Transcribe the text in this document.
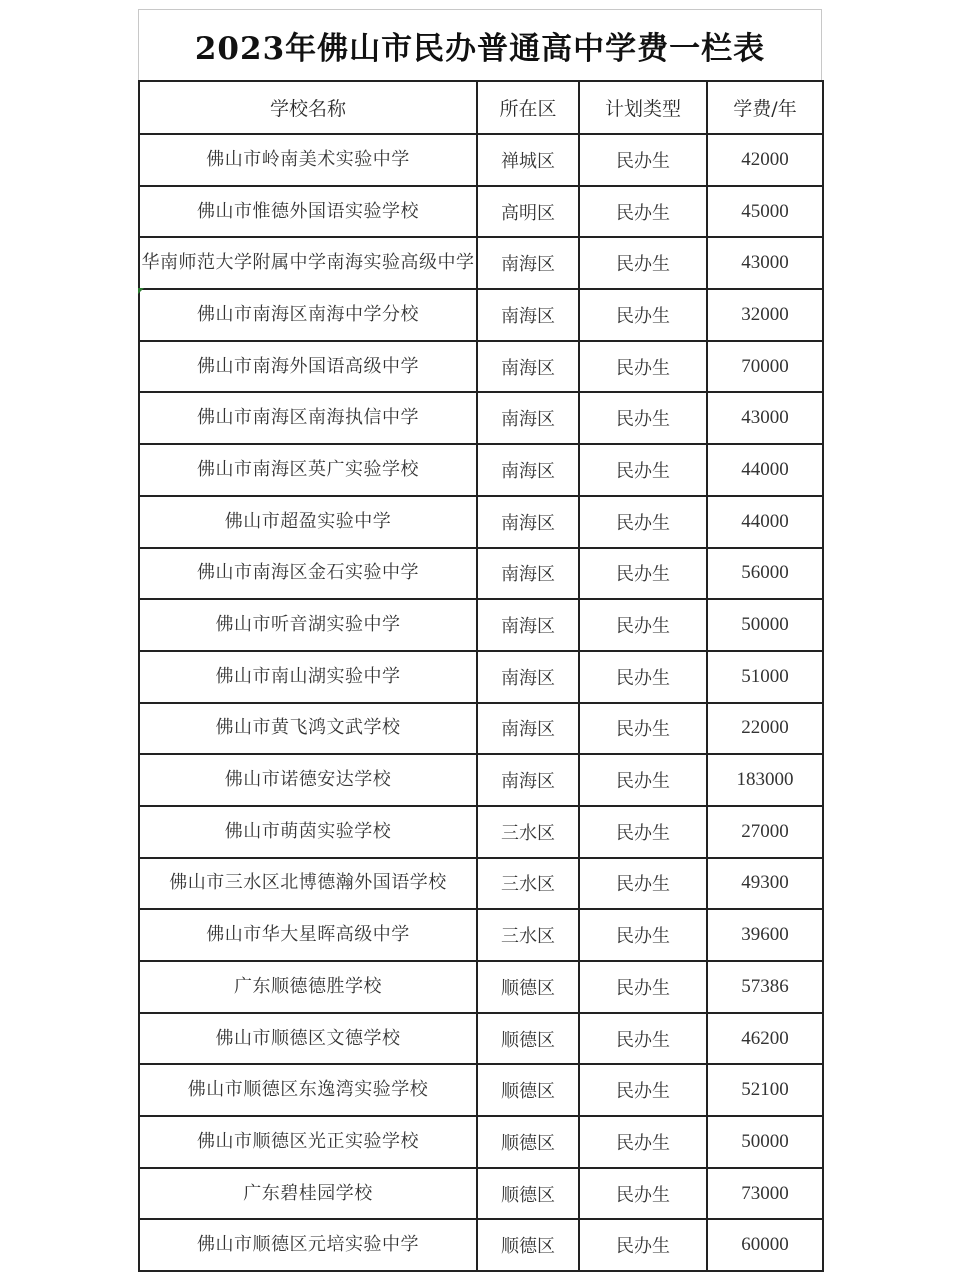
2023年佛山市民办普通高中学费一栏表
学校名称	所在区	计划类型	学费/年
佛山市岭南美术实验中学	禅城区	民办生	42000
佛山市惟德外国语实验学校	高明区	民办生	45000
华南师范大学附属中学南海实验高级中学	南海区	民办生	43000
佛山市南海区南海中学分校	南海区	民办生	32000
佛山市南海外国语高级中学	南海区	民办生	70000
佛山市南海区南海执信中学	南海区	民办生	43000
佛山市南海区英广实验学校	南海区	民办生	44000
佛山市超盈实验中学	南海区	民办生	44000
佛山市南海区金石实验中学	南海区	民办生	56000
佛山市听音湖实验中学	南海区	民办生	50000
佛山市南山湖实验中学	南海区	民办生	51000
佛山市黄飞鸿文武学校	南海区	民办生	22000
佛山市诺德安达学校	南海区	民办生	183000
佛山市萌茵实验学校	三水区	民办生	27000
佛山市三水区北博德瀚外国语学校	三水区	民办生	49300
佛山市华大星晖高级中学	三水区	民办生	39600
广东顺德德胜学校	顺德区	民办生	57386
佛山市顺德区文德学校	顺德区	民办生	46200
佛山市顺德区东逸湾实验学校	顺德区	民办生	52100
佛山市顺德区光正实验学校	顺德区	民办生	50000
广东碧桂园学校	顺德区	民办生	73000
佛山市顺德区元培实验中学	顺德区	民办生	60000
